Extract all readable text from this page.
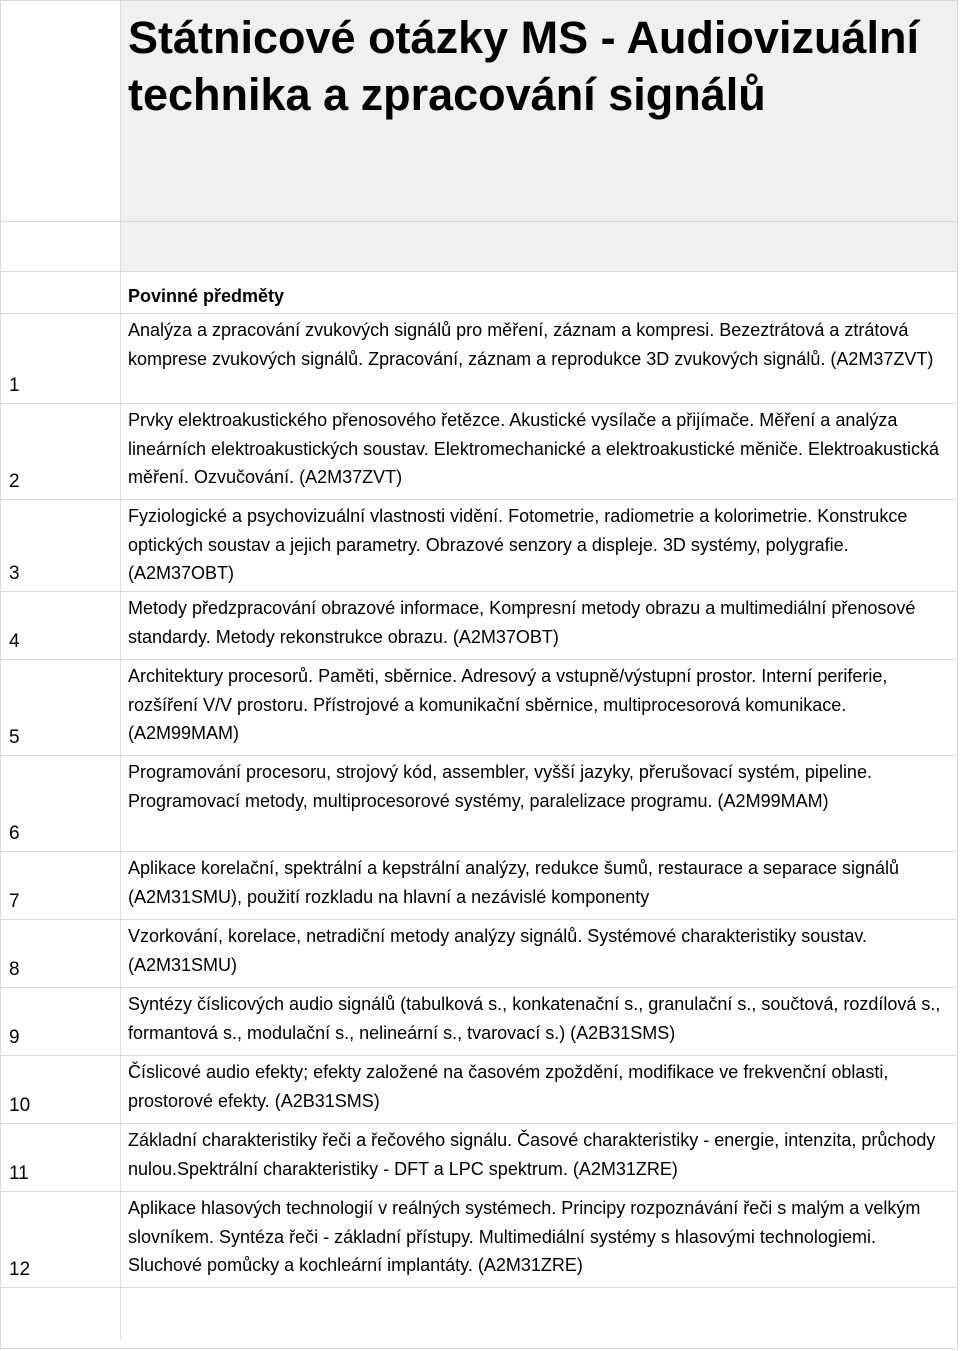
Státnicové otázky MS - Audiovizuální technika a zpracování signálů
Povinné předměty
1
Analýza a zpracování zvukových signálů pro měření, záznam a kompresi. Bezeztrátová a ztrátová komprese zvukových signálů. Zpracování, záznam a reprodukce 3D zvukových signálů. (A2M37ZVT)
2
Prvky elektroakustického přenosového řetězce. Akustické vysílače a přijímače. Měření a analýza lineárních elektroakustických soustav. Elektromechanické a elektroakustické měniče. Elektroakustická měření. Ozvučování. (A2M37ZVT)
3
Fyziologické a psychovizuální vlastnosti vidění. Fotometrie, radiometrie a kolorimetrie. Konstrukce optických soustav a jejich parametry. Obrazové senzory a displeje. 3D systémy, polygrafie. (A2M37OBT)
4
Metody předzpracování obrazové informace, Kompresní metody obrazu a multimediální přenosové standardy. Metody rekonstrukce obrazu. (A2M37OBT)
5
Architektury procesorů. Paměti, sběrnice. Adresový a vstupně/výstupní prostor. Interní periferie, rozšíření V/V prostoru. Přístrojové a komunikační sběrnice, multiprocesorová komunikace. (A2M99MAM)
6
Programování procesoru, strojový kód, assembler, vyšší jazyky, přerušovací systém, pipeline. Programovací metody, multiprocesorové systémy, paralelizace programu. (A2M99MAM)
7
Aplikace korelační, spektrální a kepstrální analýzy, redukce šumů, restaurace a separace signálů (A2M31SMU), použití rozkladu na hlavní a nezávislé komponenty
8
Vzorkování, korelace, netradiční metody analýzy signálů. Systémové charakteristiky soustav. (A2M31SMU)
9
Syntézy číslicových audio signálů (tabulková s., konkatenační s., granulační s., součtová, rozdílová s., formantová s., modulační s., nelineární s., tvarovací s.) (A2B31SMS)
10
Číslicové audio efekty; efekty založené na časovém zpoždění, modifikace ve frekvenční oblasti, prostorové efekty. (A2B31SMS)
11
Základní charakteristiky řeči a řečového signálu. Časové charakteristiky - energie, intenzita, průchody nulou.Spektrální charakteristiky - DFT a LPC spektrum. (A2M31ZRE)
12
Aplikace hlasových technologií v reálných systémech. Principy rozpoznávání řeči s malým a velkým slovníkem. Syntéza řeči - základní přístupy. Multimediální systémy s hlasovými technologiemi. Sluchové pomůcky a kochleární implantáty. (A2M31ZRE)
